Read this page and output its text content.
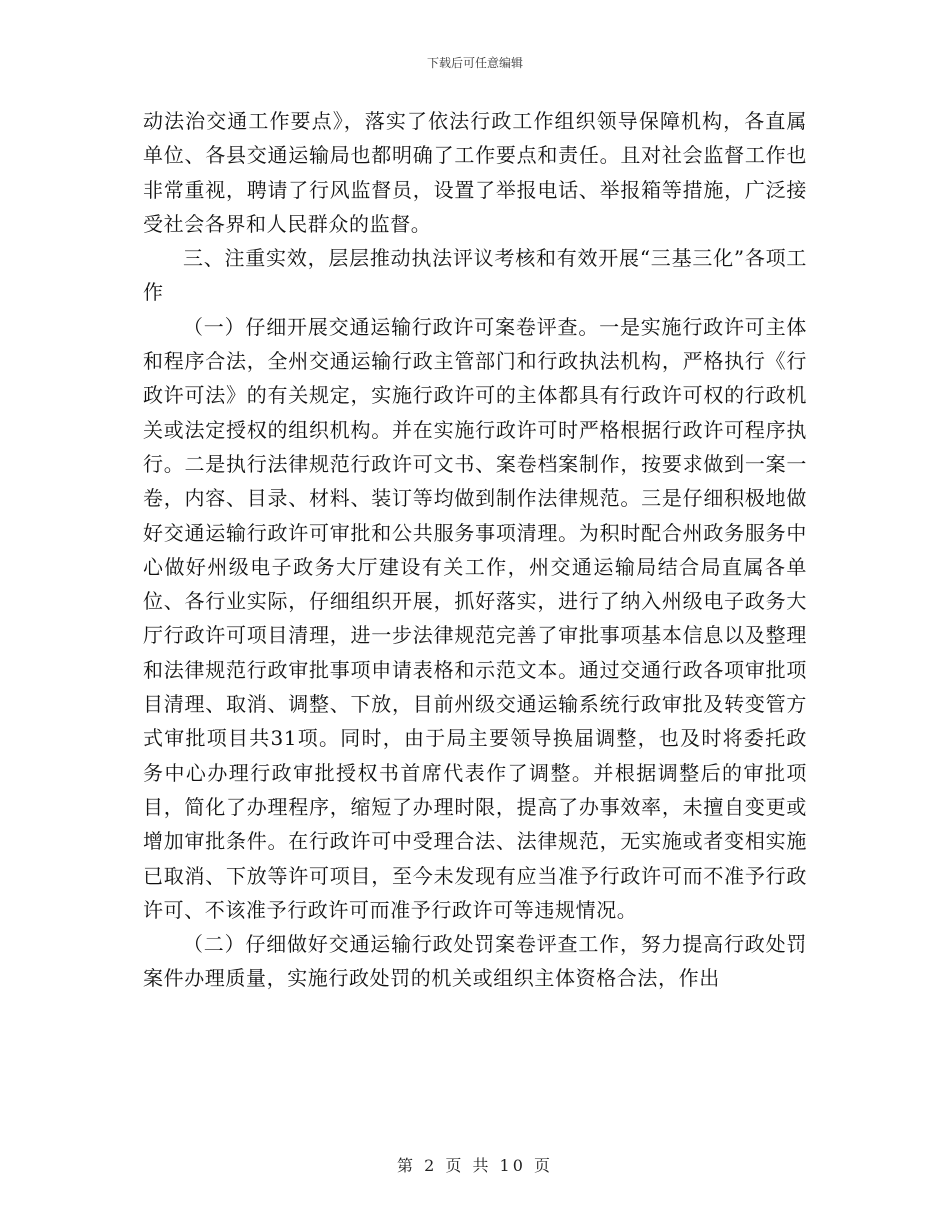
下载后可任意编辑

动法治交通工作要点》，落实了依法行政工作组织领导保障机构，各直属单位、各县交通运输局也都明确了工作要点和责任。且对社会监督工作也非常重视，聘请了行风监督员，设置了举报电话、举报箱等措施，广泛接受社会各界和人民群众的监督。

三、注重实效，层层推动执法评议考核和有效开展“三基三化”各项工作

（一）仔细开展交通运输行政许可案卷评查。一是实施行政许可主体和程序合法，全州交通运输行政主管部门和行政执法机构，严格执行《行政许可法》的有关规定，实施行政许可的主体都具有行政许可权的行政机关或法定授权的组织机构。并在实施行政许可时严格根据行政许可程序执行。二是执行法律规范行政许可文书、案卷档案制作，按要求做到一案一卷，内容、目录、材料、装订等均做到制作法律规范。三是仔细积极地做好交通运输行政许可审批和公共服务事项清理。为积时配合州政务服务中心做好州级电子政务大厅建设有关工作，州交通运输局结合局直属各单位、各行业实际，仔细组织开展，抓好落实，进行了纳入州级电子政务大厅行政许可项目清理，进一步法律规范完善了审批事项基本信息以及整理和法律规范行政审批事项申请表格和示范文本。通过交通行政各项审批项目清理、取消、调整、下放，目前州级交通运输系统行政审批及转变管方式审批项目共31项。同时，由于局主要领导换届调整，也及时将委托政务中心办理行政审批授权书首席代表作了调整。并根据调整后的审批项目，简化了办理程序，缩短了办理时限，提高了办事效率，未擅自变更或增加审批条件。在行政许可中受理合法、法律规范，无实施或者变相实施已取消、下放等许可项目，至今未发现有应当准予行政许可而不准予行政许可、不该准予行政许可而准予行政许可等违规情况。

（二）仔细做好交通运输行政处罚案卷评查工作，努力提高行政处罚案件办理质量，实施行政处罚的机关或组织主体资格合法，作出

第 2 页 共 10 页
